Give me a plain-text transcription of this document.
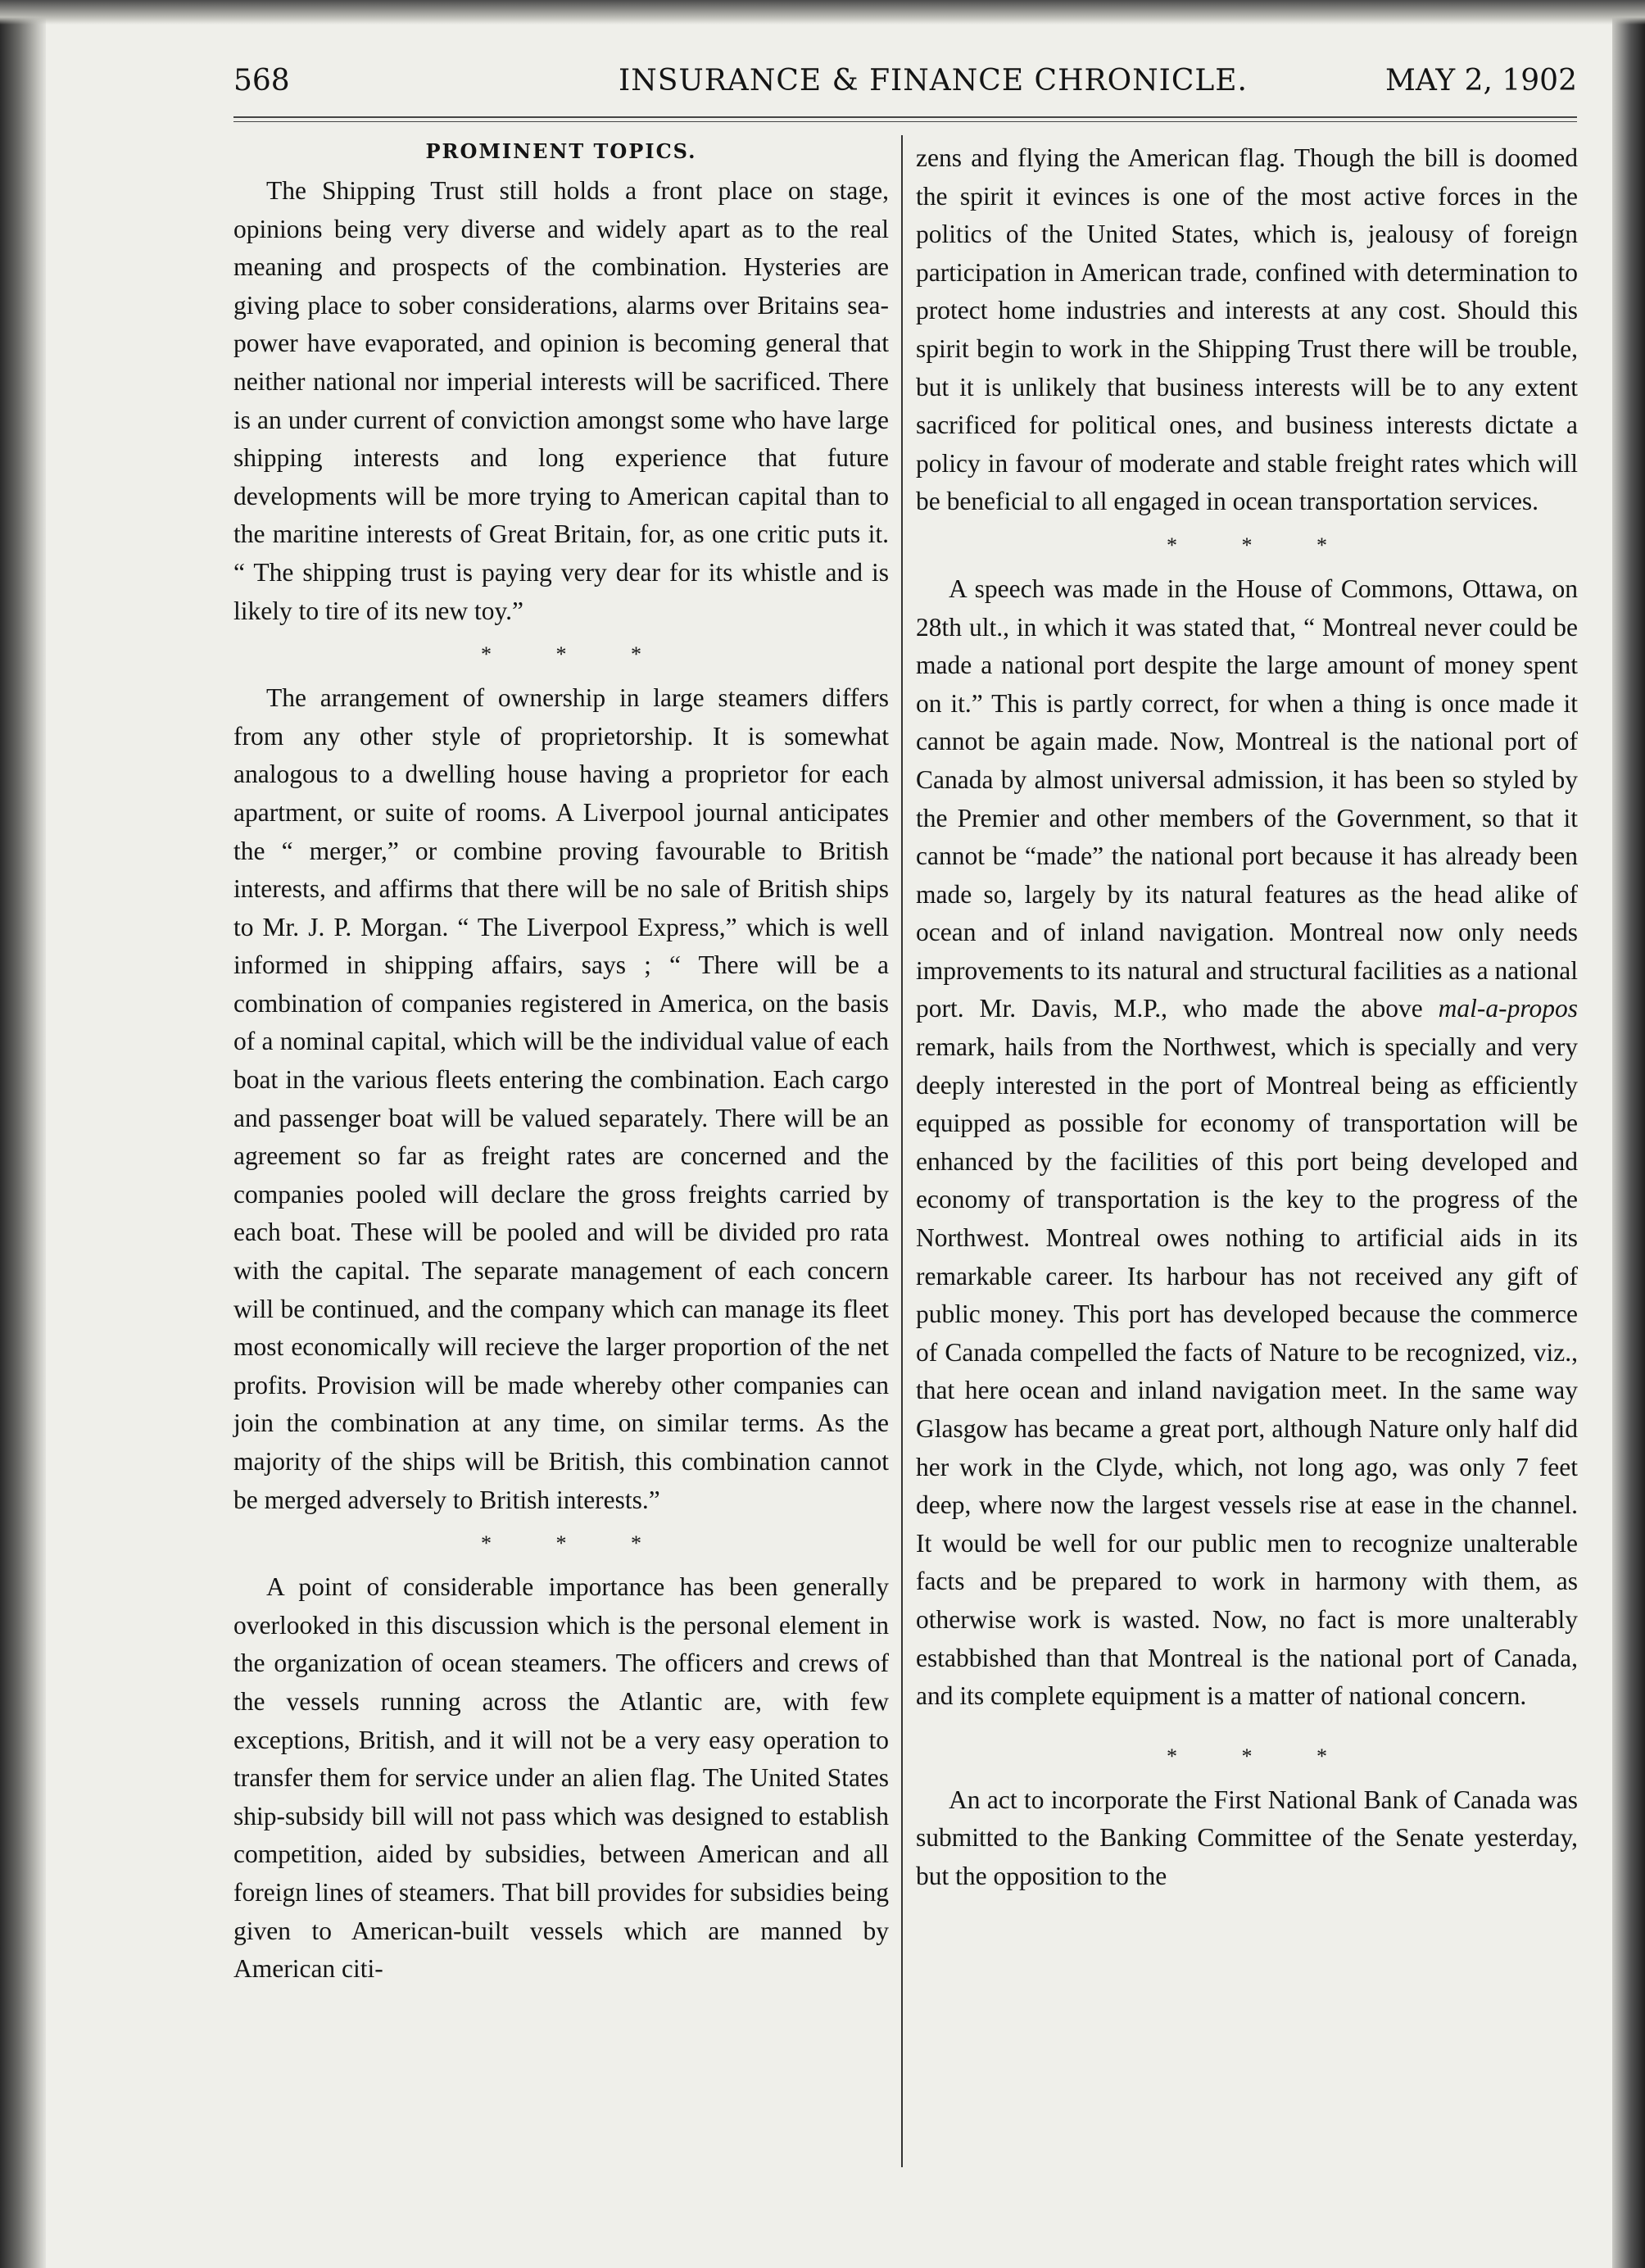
568	INSURANCE & FINANCE CHRONICLE.	MAY 2, 1902
PROMINENT TOPICS.

The Shipping Trust still holds a front place on stage, opinions being very diverse and widely apart as to the real meaning and prospects of the combination. Hysteries are giving place to sober considerations, alarms over Britains sea-power have evaporated, and opinion is becoming general that neither national nor imperial interests will be sacrificed. There is an under current of conviction amongst some who have large shipping interests and long experience that future developments will be more trying to American capital than to the maritine interests of Great Britain, for, as one critic puts it. “ The shipping trust is paying very dear for its whistle and is likely to tire of its new toy.”

* * *

The arrangement of ownership in large steamers differs from any other style of proprietorship. It is somewhat analogous to a dwelling house having a proprietor for each apartment, or suite of rooms. A Liverpool journal anticipates the “ merger,” or combine proving favourable to British interests, and affirms that there will be no sale of British ships to Mr. J. P. Morgan. “ The Liverpool Express,” which is well informed in shipping affairs, says ; “ There will be a combination of companies registered in America, on the basis of a nominal capital, which will be the individual value of each boat in the various fleets entering the combination. Each cargo and passenger boat will be valued separately. There will be an agreement so far as freight rates are concerned and the companies pooled will declare the gross freights carried by each boat. These will be pooled and will be divided pro rata with the capital. The separate management of each concern will be continued, and the company which can manage its fleet most economically will recieve the larger proportion of the net profits. Provision will be made whereby other companies can join the combination at any time, on similar terms. As the majority of the ships will be British, this combination cannot be merged adversely to British interests.”

* * *

A point of considerable importance has been generally overlooked in this discussion which is the personal element in the organization of ocean steamers. The officers and crews of the vessels running across the Atlantic are, with few exceptions, British, and it will not be a very easy operation to transfer them for service under an alien flag. The United States ship-subsidy bill will not pass which was designed to establish competition, aided by subsidies, between American and all foreign lines of steamers. That bill provides for subsidies being given to American-built vessels which are manned by American citi-

zens and flying the American flag. Though the bill is doomed the spirit it evinces is one of the most active forces in the politics of the United States, which is, jealousy of foreign participation in American trade, confined with determination to protect home industries and interests at any cost. Should this spirit begin to work in the Shipping Trust there will be trouble, but it is unlikely that business interests will be to any extent sacrificed for political ones, and business interests dictate a policy in favour of moderate and stable freight rates which will be beneficial to all engaged in ocean transportation services.

* * *

A speech was made in the House of Commons, Ottawa, on 28th ult., in which it was stated that, “ Montreal never could be made a national port despite the large amount of money spent on it.” This is partly correct, for when a thing is once made it cannot be again made. Now, Montreal is the national port of Canada by almost universal admission, it has been so styled by the Premier and other members of the Government, so that it cannot be “made” the national port because it has already been made so, largely by its natural features as the head alike of ocean and of inland navigation. Montreal now only needs improvements to its natural and structural facilities as a national port. Mr. Davis, M.P., who made the above mal-a-propos remark, hails from the Northwest, which is specially and very deeply interested in the port of Montreal being as efficiently equipped as possible for economy of transportation will be enhanced by the facilities of this port being developed and economy of transportation is the key to the progress of the Northwest. Montreal owes nothing to artificial aids in its remarkable career. Its harbour has not received any gift of public money. This port has developed because the commerce of Canada compelled the facts of Nature to be recognized, viz., that here ocean and inland navigation meet. In the same way Glasgow has became a great port, although Nature only half did her work in the Clyde, which, not long ago, was only 7 feet deep, where now the largest vessels rise at ease in the channel. It would be well for our public men to recognize unalterable facts and be prepared to work in harmony with them, as otherwise work is wasted. Now, no fact is more unalterably estabbished than that Montreal is the national port of Canada, and its complete equipment is a matter of national concern.

* * *

An act to incorporate the First National Bank of Canada was submitted to the Banking Committee of the Senate yesterday, but the opposition to the
